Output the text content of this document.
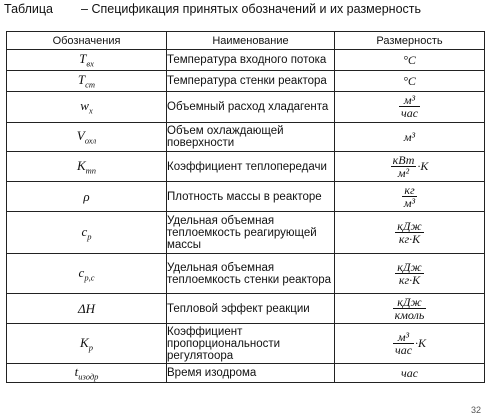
Таблица – Спецификация принятых обозначений и их размерность
Обозначения	Наименование	Размерность
$T_{вх}$	Температура входного потока	°C
$T_{ст}$	Температура стенки реактора	°C
$w_х$	Объемный расход хладагента	$\frac{\text{м³}}{\text{час}}$

$V_{охл}$	Объем охлаждающей поверхности	м³
$K_{тп}$	Коэффициент теплопередачи	$\frac{\text{кВт}}{\text{м²}} \cdot К$
ρ	Плотность массы в реакторе	$\frac{кг}{\text{м³}}$

$c_р$	Удельная объемная теплоемкость реагирующей массы	$\frac{\text{кДж}}{кг\cdot К}$

$c_{р,с}$	Удельная объемная теплоемкость стенки реактора	$\frac{\text{кДж}}{кг\cdot К}$

ΔH	Тепловой эффект реакции	$\frac{\text{кДж}}{\text{кмоль}}$

$K_р$	Коэффициент пропорциональности регулятоора	$\frac{\text{м³}}{\text{час}} \cdot К$
$t_{изодр}$	Время изодрома	час
32
